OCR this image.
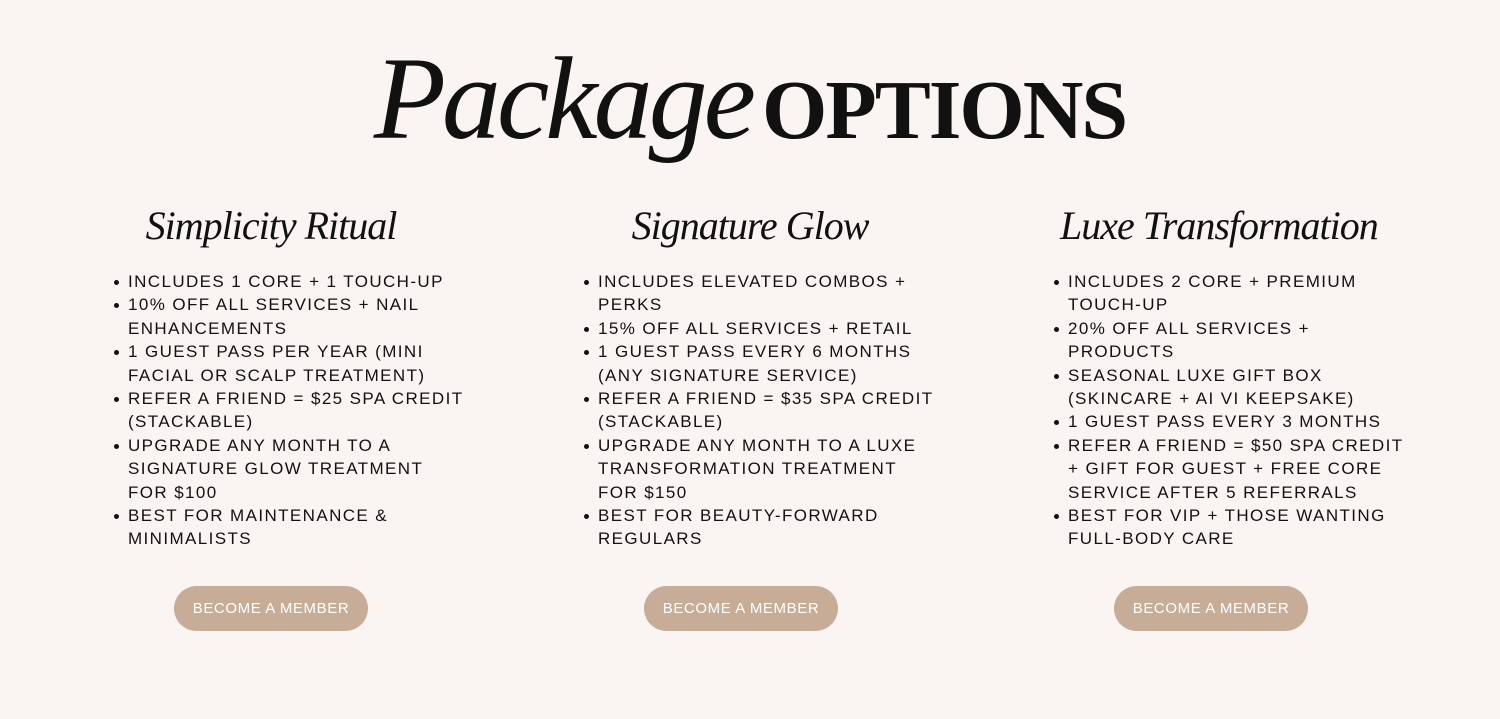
Package OPTIONS
Simplicity Ritual
INCLUDES 1 CORE + 1 TOUCH-UP
10% OFF ALL SERVICES + NAIL ENHANCEMENTS
1 GUEST PASS PER YEAR (MINI FACIAL OR SCALP TREATMENT)
REFER A FRIEND = $25 SPA CREDIT (STACKABLE)
UPGRADE ANY MONTH TO A SIGNATURE GLOW TREATMENT FOR $100
BEST FOR MAINTENANCE & MINIMALISTS
BECOME A MEMBER
Signature Glow
INCLUDES ELEVATED COMBOS + PERKS
15% OFF ALL SERVICES + RETAIL
1 GUEST PASS EVERY 6 MONTHS (ANY SIGNATURE SERVICE)
REFER A FRIEND = $35 SPA CREDIT (STACKABLE)
UPGRADE ANY MONTH TO A LUXE TRANSFORMATION TREATMENT FOR $150
BEST FOR BEAUTY-FORWARD REGULARS
BECOME A MEMBER
Luxe Transformation
INCLUDES 2 CORE + PREMIUM TOUCH-UP
20% OFF ALL SERVICES + PRODUCTS
SEASONAL LUXE GIFT BOX (SKINCARE + AI VI KEEPSAKE)
1 GUEST PASS EVERY 3 MONTHS
REFER A FRIEND = $50 SPA CREDIT + GIFT FOR GUEST + FREE CORE SERVICE AFTER 5 REFERRALS
BEST FOR VIP + THOSE WANTING FULL-BODY CARE
BECOME A MEMBER
